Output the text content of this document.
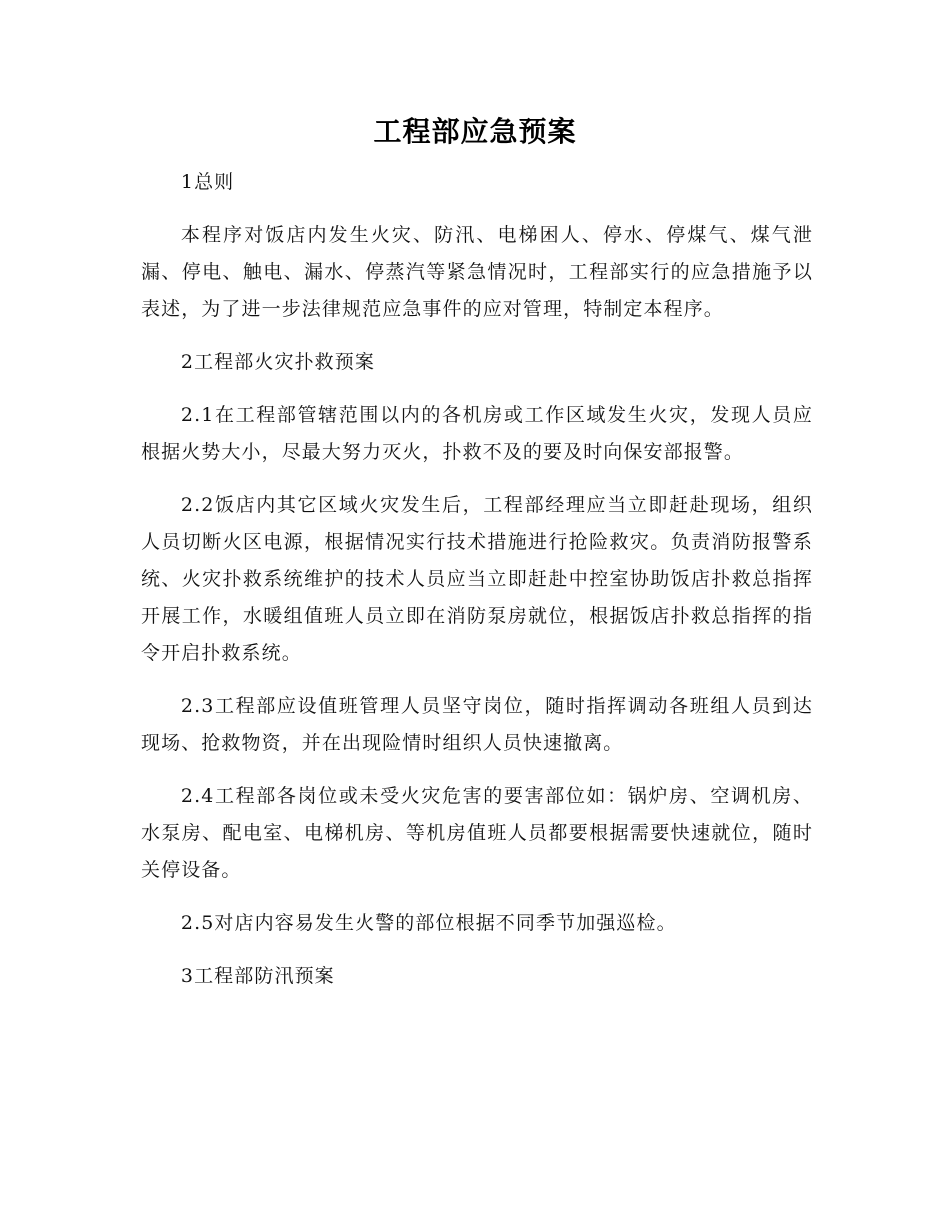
工程部应急预案

1总则

本程序对饭店内发生火灾、防汛、电梯困人、停水、停煤气、煤气泄漏、停电、触电、漏水、停蒸汽等紧急情况时，工程部实行的应急措施予以表述，为了进一步法律规范应急事件的应对管理，特制定本程序。

2工程部火灾扑救预案

2.1在工程部管辖范围以内的各机房或工作区域发生火灾，发现人员应根据火势大小，尽最大努力灭火，扑救不及的要及时向保安部报警。

2.2饭店内其它区域火灾发生后，工程部经理应当立即赶赴现场，组织人员切断火区电源，根据情况实行技术措施进行抢险救灾。负责消防报警系统、火灾扑救系统维护的技术人员应当立即赶赴中控室协助饭店扑救总指挥开展工作，水暖组值班人员立即在消防泵房就位，根据饭店扑救总指挥的指令开启扑救系统。

2.3工程部应设值班管理人员坚守岗位，随时指挥调动各班组人员到达现场、抢救物资，并在出现险情时组织人员快速撤离。

2.4工程部各岗位或未受火灾危害的要害部位如：锅炉房、空调机房、水泵房、配电室、电梯机房、等机房值班人员都要根据需要快速就位，随时关停设备。

2.5对店内容易发生火警的部位根据不同季节加强巡检。

3工程部防汛预案
